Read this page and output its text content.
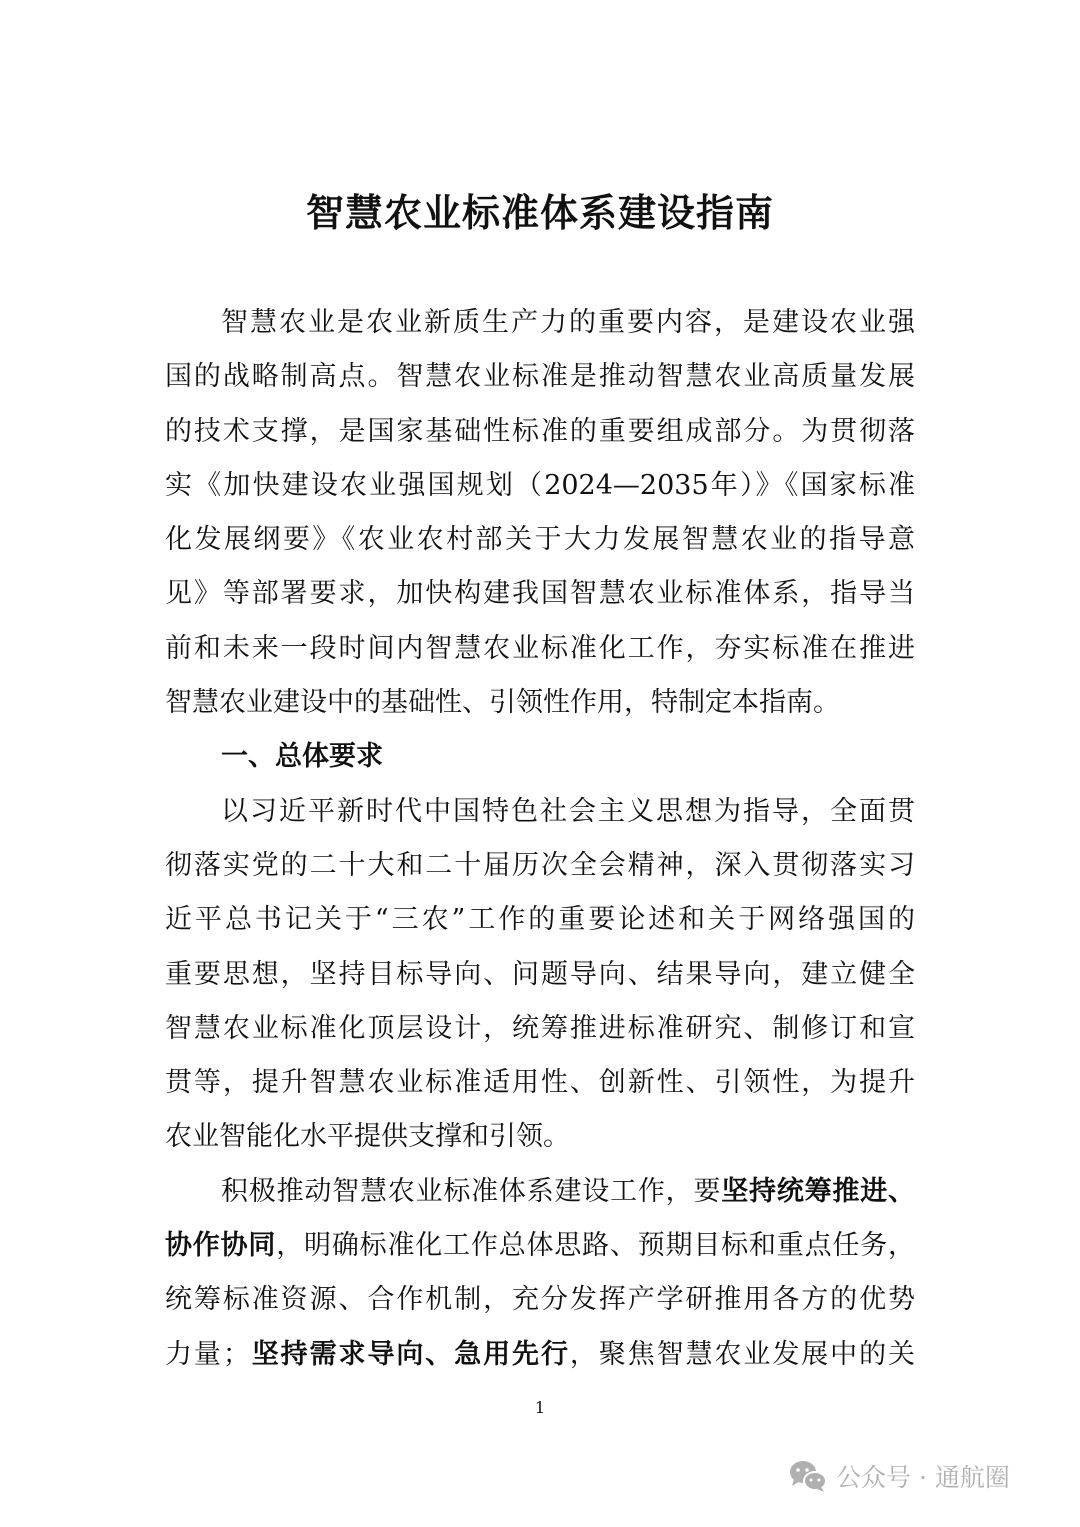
智慧农业标准体系建设指南
智慧农业是农业新质生产力的重要内容，是建设农业强
国的战略制高点。智慧农业标准是推动智慧农业高质量发展
的技术支撑，是国家基础性标准的重要组成部分。为贯彻落
实《加快建设农业强国规划（2024—2035年）》《国家标准
化发展纲要》《农业农村部关于大力发展智慧农业的指导意
见》等部署要求，加快构建我国智慧农业标准体系，指导当
前和未来一段时间内智慧农业标准化工作，夯实标准在推进
智慧农业建设中的基础性、引领性作用，特制定本指南。
一、总体要求
以习近平新时代中国特色社会主义思想为指导，全面贯
彻落实党的二十大和二十届历次全会精神，深入贯彻落实习
近平总书记关于“三农”工作的重要论述和关于网络强国的
重要思想，坚持目标导向、问题导向、结果导向，建立健全
智慧农业标准化顶层设计，统筹推进标准研究、制修订和宣
贯等，提升智慧农业标准适用性、创新性、引领性，为提升
农业智能化水平提供支撑和引领。
积极推动智慧农业标准体系建设工作，要坚持统筹推进、
协作协同，明确标准化工作总体思路、预期目标和重点任务，
统筹标准资源、合作机制，充分发挥产学研推用各方的优势
力量；坚持需求导向、急用先行，聚焦智慧农业发展中的关
1
公众号 · 通航圈
